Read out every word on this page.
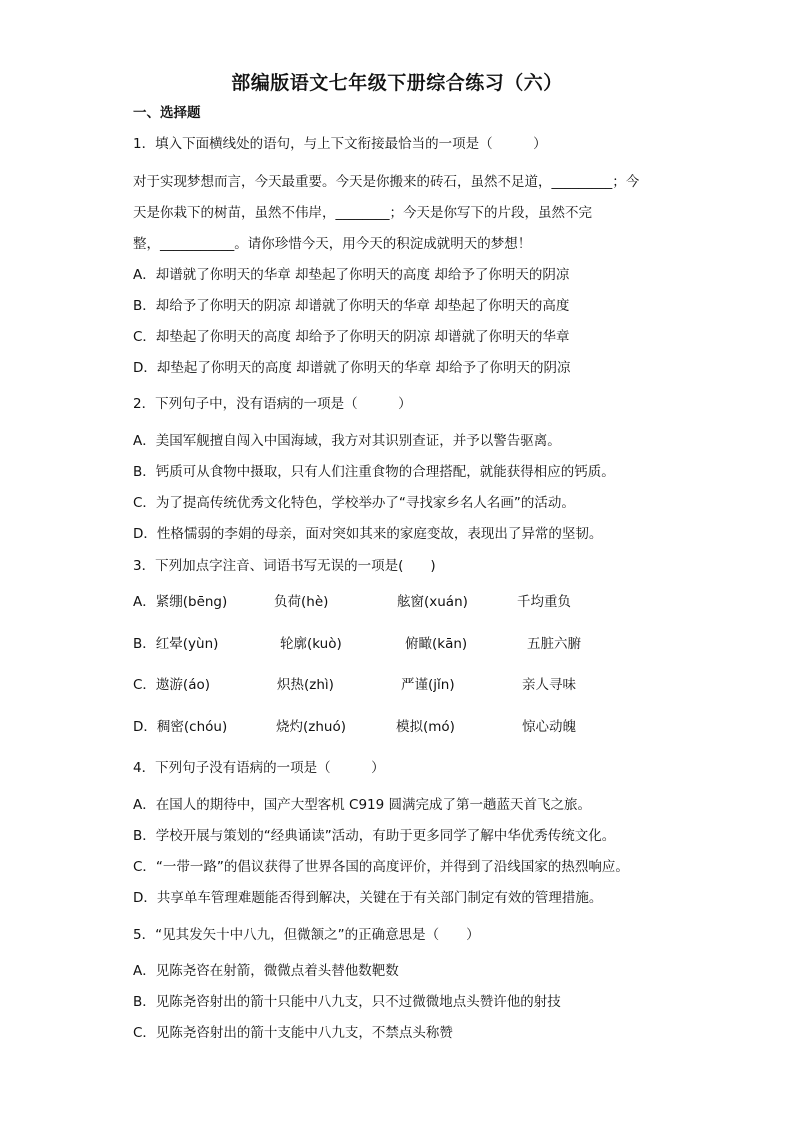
部编版语文七年级下册综合练习（六）
一、选择题
1．填入下面横线处的语句，与上下文衔接最恰当的一项是（　　　）
对于实现梦想而言，今天最重要。今天是你搬来的砖石，虽然不足道，_________；今
天是你栽下的树苗，虽然不伟岸，________；今天是你写下的片段，虽然不完
整，___________。请你珍惜今天，用今天的积淀成就明天的梦想！
A．却谱就了你明天的华章 却垫起了你明天的高度 却给予了你明天的阴凉
B．却给予了你明天的阴凉 却谱就了你明天的华章 却垫起了你明天的高度
C．却垫起了你明天的高度 却给予了你明天的阴凉 却谱就了你明天的华章
D．却垫起了你明天的高度 却谱就了你明天的华章 却给予了你明天的阴凉
2．下列句子中，没有语病的一项是（　　　）
A．美国军舰擅自闯入中国海域，我方对其识别查证，并予以警告驱离。
B．钙质可从食物中摄取，只有人们注重食物的合理搭配，就能获得相应的钙质。
C．为了提高传统优秀文化特色，学校举办了“寻找家乡名人名画”的活动。
D．性格懦弱的李娟的母亲，面对突如其来的家庭变故，表现出了异常的坚韧。
3．下列加点字注音、词语书写无误的一项是(　　)
A．紧绷(bēng)	负荷(hè)	舷窗(xuán)	千均重负
B．红晕(yùn)	轮廓(kuò)	俯瞰(kān)	五脏六腑
C．遨游(áo)	炽热(zhì)	严谨(jǐn)	亲人寻味
D．稠密(chóu)	烧灼(zhuó)	模拟(mó)	惊心动魄
4．下列句子没有语病的一项是（　　　）
A．在国人的期待中，国产大型客机 C919 圆满完成了第一趟蓝天首飞之旅。
B．学校开展与策划的“经典诵读”活动，有助于更多同学了解中华优秀传统文化。
C．“一带一路”的倡议获得了世界各国的高度评价，并得到了沿线国家的热烈响应。
D．共享单车管理难题能否得到解决，关键在于有关部门制定有效的管理措施。
5．“见其发矢十中八九，但微颔之”的正确意思是（　　）
A．见陈尧咨在射箭，微微点着头替他数靶数
B．见陈尧咨射出的箭十只能中八九支，只不过微微地点头赞许他的射技
C．见陈尧咨射出的箭十支能中八九支，不禁点头称赞
